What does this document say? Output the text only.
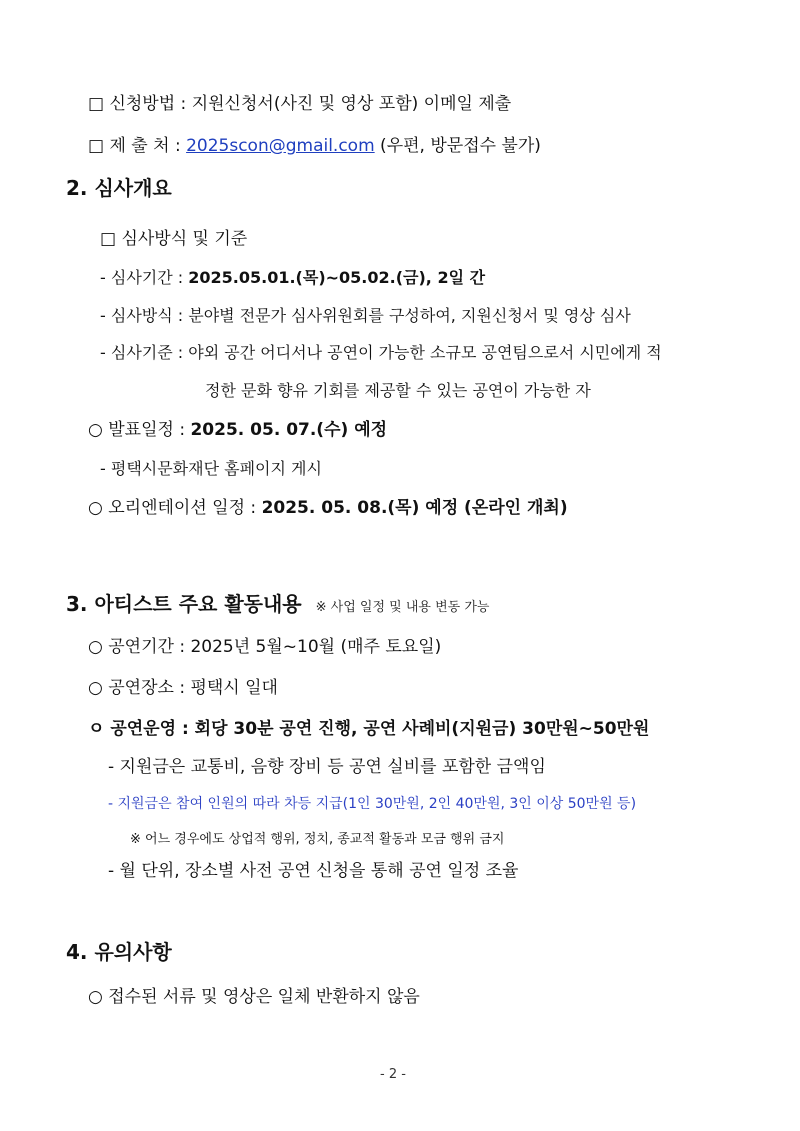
□ 신청방법 : 지원신청서(사진 및 영상 포함) 이메일 제출
□ 제 출 처 : 2025scon@gmail.com (우편, 방문접수 불가)
2. 심사개요
□ 심사방식 및 기준
- 심사기간 : 2025.05.01.(목)~05.02.(금), 2일 간
- 심사방식 : 분야별 전문가 심사위원회를 구성하여, 지원신청서 및 영상 심사
- 심사기준 : 야외 공간 어디서나 공연이 가능한 소규모 공연팀으로서 시민에게 적
정한 문화 향유 기회를 제공할 수 있는 공연이 가능한 자
○ 발표일정 : 2025. 05. 07.(수) 예정
- 평택시문화재단 홈페이지 게시
○ 오리엔테이션 일정 : 2025. 05. 08.(목) 예정 (온라인 개최)
3. 아티스트 주요 활동내용 ※ 사업 일정 및 내용 변동 가능
○ 공연기간 : 2025년 5월~10월 (매주 토요일)
○ 공연장소 : 평택시 일대
ㅇ 공연운영 : 회당 30분 공연 진행, 공연 사례비(지원금) 30만원~50만원
- 지원금은 교통비, 음향 장비 등 공연 실비를 포함한 금액임
- 지원금은 참여 인원의 따라 차등 지급(1인 30만원, 2인 40만원, 3인 이상 50만원 등)
※ 어느 경우에도 상업적 행위, 정치, 종교적 활동과 모금 행위 금지
- 월 단위, 장소별 사전 공연 신청을 통해 공연 일정 조율
4. 유의사항
○ 접수된 서류 및 영상은 일체 반환하지 않음
- 2 -
